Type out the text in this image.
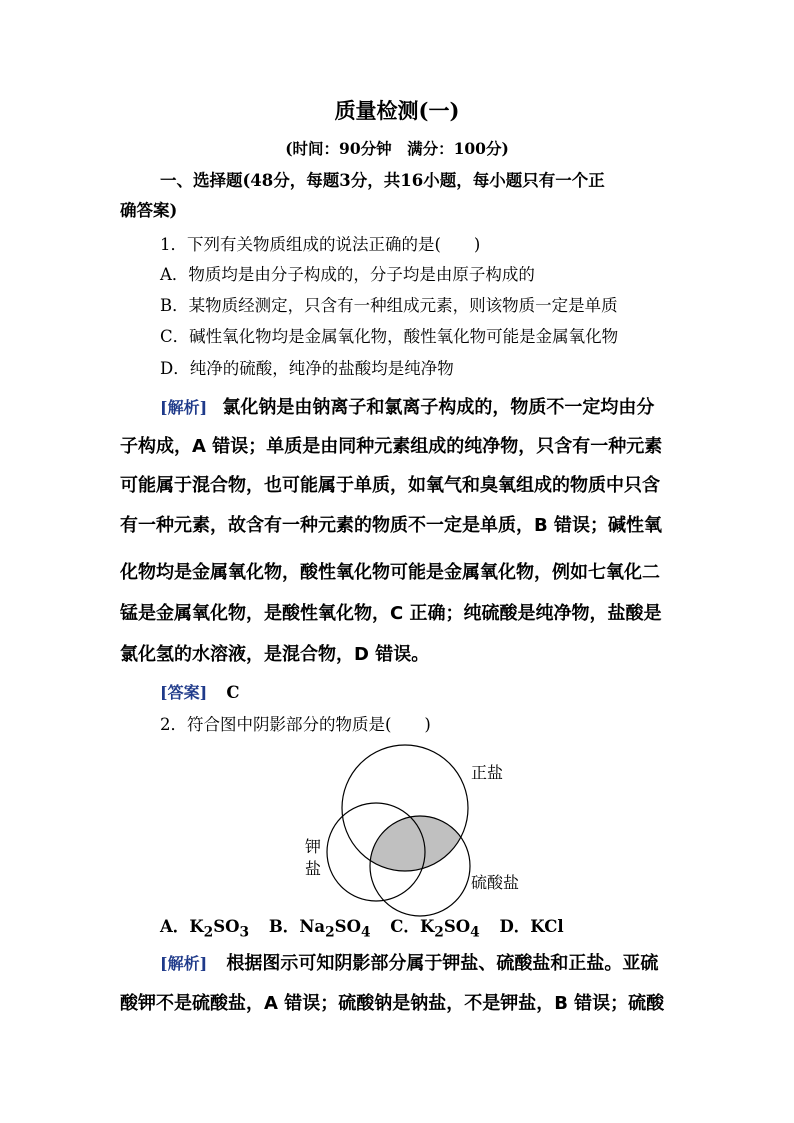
质量检测(一)
(时间：90分钟　满分：100分)
一、选择题(48分，每题3分，共16小题，每小题只有一个正
确答案)
1．下列有关物质组成的说法正确的是(　　)
A．物质均是由分子构成的，分子均是由原子构成的
B．某物质经测定，只含有一种组成元素，则该物质一定是单质
C．碱性氧化物均是金属氧化物，酸性氧化物可能是金属氧化物
D．纯净的硫酸，纯净的盐酸均是纯净物
[解析] 氯化钠是由钠离子和氯离子构成的，物质不一定均由分
子构成，A 错误；单质是由同种元素组成的纯净物，只含有一种元素
可能属于混合物，也可能属于单质，如氧气和臭氧组成的物质中只含
有一种元素，故含有一种元素的物质不一定是单质，B 错误；碱性氧
化物均是金属氧化物，酸性氧化物可能是金属氧化物，例如七氧化二
锰是金属氧化物，是酸性氧化物，C 正确；纯硫酸是纯净物，盐酸是
氯化氢的水溶液，是混合物，D 错误。
[答案] C
2．符合图中阴影部分的物质是(　　)
正盐
钾
盐
硫酸盐
A．$K_2SO_3$ B．$Na_2SO_4$ C．$K_2SO_4$ D．KCl
[解析] 根据图示可知阴影部分属于钾盐、硫酸盐和正盐。亚硫
酸钾不是硫酸盐，A 错误；硫酸钠是钠盐，不是钾盐，B 错误；硫酸
